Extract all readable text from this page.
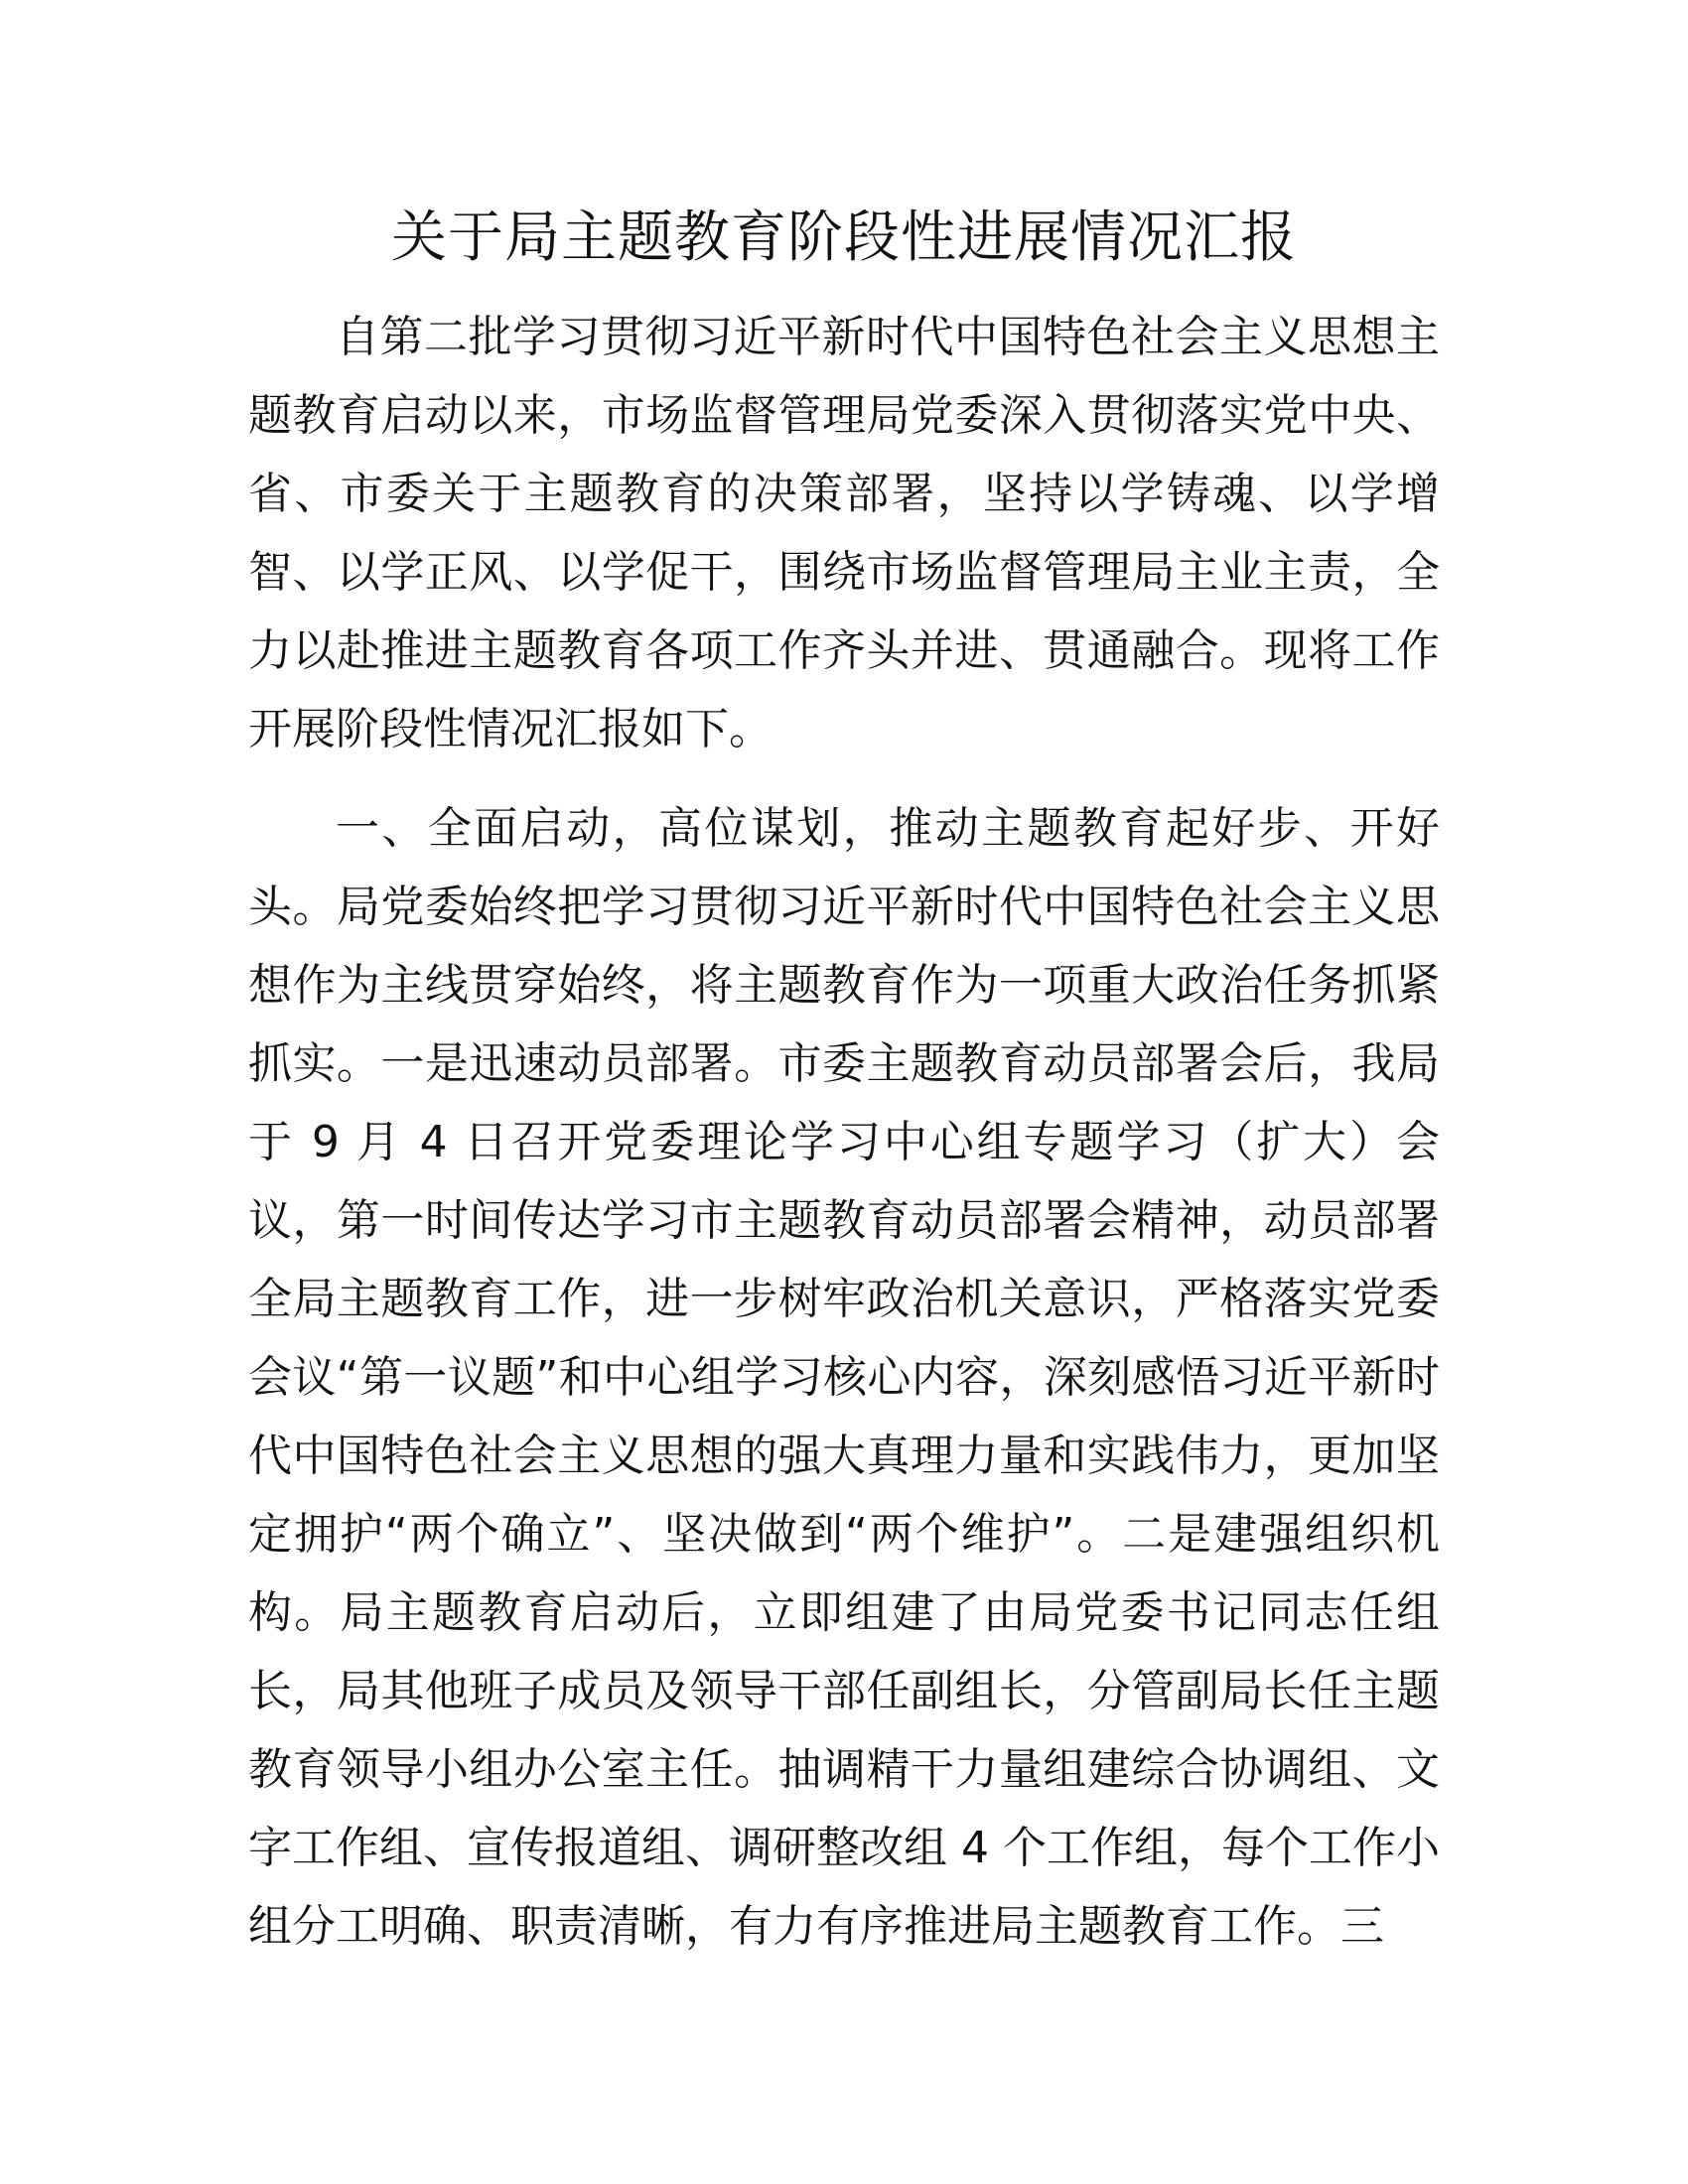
关于局主题教育阶段性进展情况汇报

自第二批学习贯彻习近平新时代中国特色社会主义思想主题教育启动以来，市场监督管理局党委深入贯彻落实党中央、省、市委关于主题教育的决策部署，坚持以学铸魂、以学增智、以学正风、以学促干，围绕市场监督管理局主业主责，全力以赴推进主题教育各项工作齐头并进、贯通融合。现将工作开展阶段性情况汇报如下。

一、全面启动，高位谋划，推动主题教育起好步、开好头。局党委始终把学习贯彻习近平新时代中国特色社会主义思想作为主线贯穿始终，将主题教育作为一项重大政治任务抓紧抓实。一是迅速动员部署。市委主题教育动员部署会后，我局于 9 月 4 日召开党委理论学习中心组专题学习（扩大）会议，第一时间传达学习市主题教育动员部署会精神，动员部署全局主题教育工作，进一步树牢政治机关意识，严格落实党委会议“第一议题”和中心组学习核心内容，深刻感悟习近平新时代中国特色社会主义思想的强大真理力量和实践伟力，更加坚定拥护“两个确立”、坚决做到“两个维护”。二是建强组织机构。局主题教育启动后，立即组建了由局党委书记同志任组长，局其他班子成员及领导干部任副组长，分管副局长任主题教育领导小组办公室主任。抽调精干力量组建综合协调组、文字工作组、宣传报道组、调研整改组 4 个工作组，每个工作小组分工明确、职责清晰，有力有序推进局主题教育工作。三
